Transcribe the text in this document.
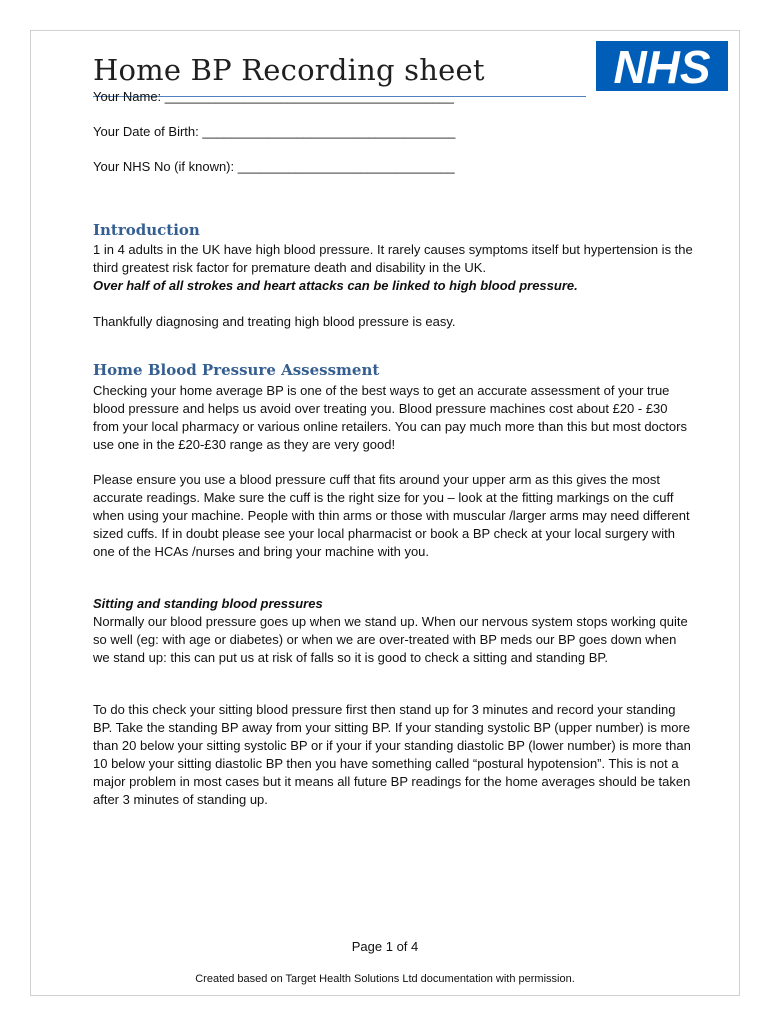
Home BP Recording sheet	NHS

Your Name: ________________________________________

Your Date of Birth: ___________________________________

Your NHS No (if known): ______________________________

Introduction

1 in 4 adults in the UK have high blood pressure. It rarely causes symptoms itself but hypertension is the third greatest risk factor for premature death and disability in the UK.
Over half of all strokes and heart attacks can be linked to high blood pressure.

Thankfully diagnosing and treating high blood pressure is easy.

Home Blood Pressure Assessment

Checking your home average BP is one of the best ways to get an accurate assessment of your true blood pressure and helps us avoid over treating you. Blood pressure machines cost about £20 - £30 from your local pharmacy or various online retailers. You can pay much more than this but most doctors use one in the £20-£30 range as they are very good!

Please ensure you use a blood pressure cuff that fits around your upper arm as this gives the most accurate readings. Make sure the cuff is the right size for you – look at the fitting markings on the cuff when using your machine. People with thin arms or those with muscular /larger arms may need different sized cuffs. If in doubt please see your local pharmacist or book a BP check at your local surgery with one of the HCAs /nurses and bring your machine with you.

Sitting and standing blood pressures

Normally our blood pressure goes up when we stand up. When our nervous system stops working quite so well (eg: with age or diabetes) or when we are over-treated with BP meds our BP goes down when we stand up: this can put us at risk of falls so it is good to check a sitting and standing BP.

To do this check your sitting blood pressure first then stand up for 3 minutes and record your standing BP. Take the standing BP away from your sitting BP. If your standing systolic BP (upper number) is more than 20 below your sitting systolic BP or if your if your standing diastolic BP (lower number) is more than 10 below your sitting diastolic BP then you have something called “postural hypotension”. This is not a major problem in most cases but it means all future BP readings for the home averages should be taken after 3 minutes of standing up.

Page 1 of 4

Created based on Target Health Solutions Ltd documentation with permission.
